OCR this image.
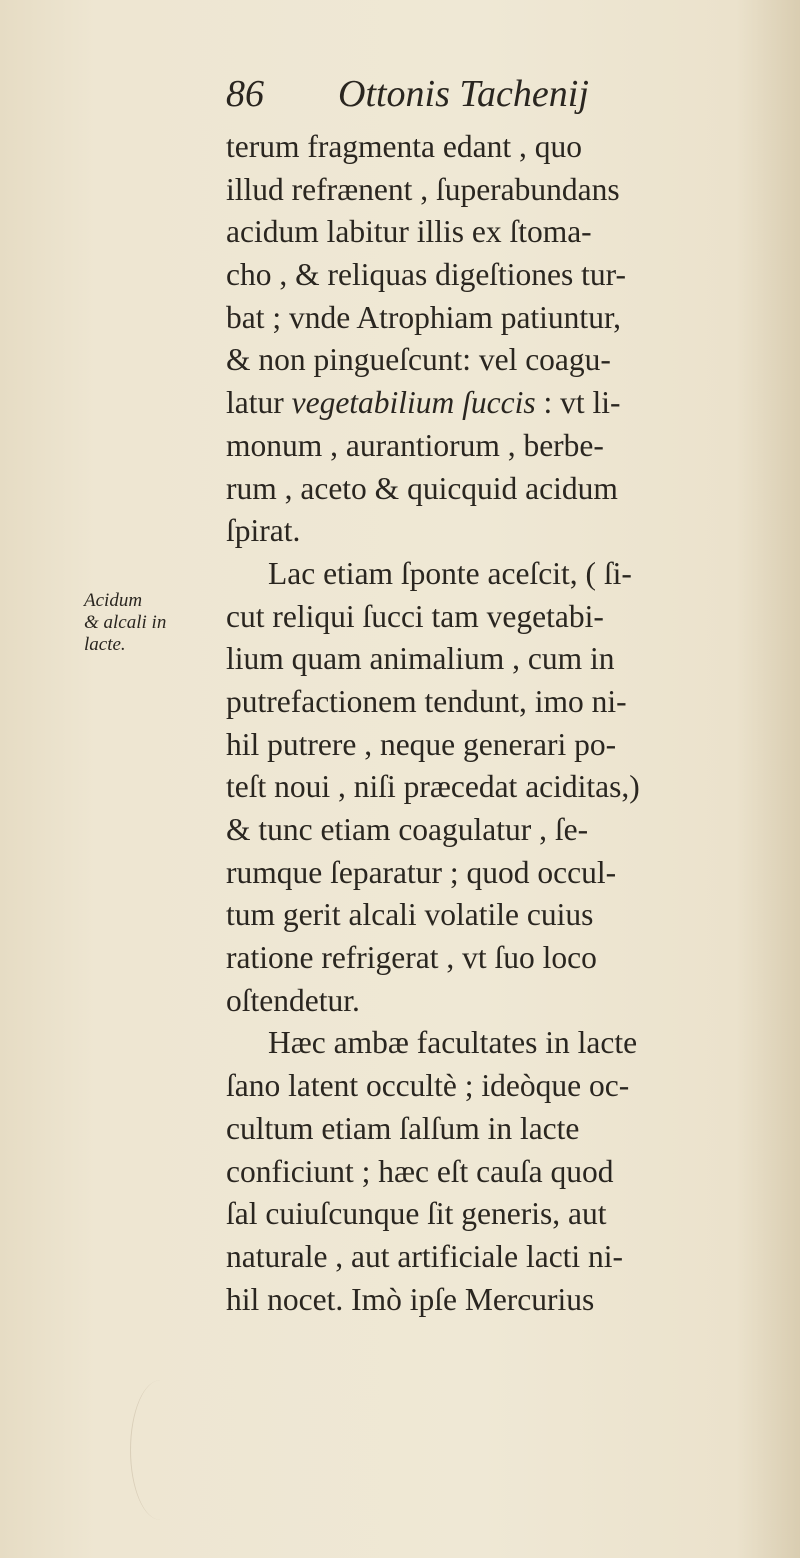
86 Ottonis Tachenij
Acidum
& alcali in
lacte.
terum fragmenta edant , quo
illud refrænent , ſuperabundans
acidum labitur illis ex ſtoma-
cho , & reliquas digeſtiones tur-
bat ; vnde Atrophiam patiuntur,
& non pingueſcunt: vel coagu-
latur vegetabilium ſuccis : vt li-
monum , aurantiorum , berbe-
rum , aceto & quicquid acidum
ſpirat.
Lac etiam ſponte aceſcit, ( ſi-
cut reliqui ſucci tam vegetabi-
lium quam animalium , cum in
putrefactionem tendunt, imo ni-
hil putrere , neque generari po-
teſt noui , niſi præcedat aciditas,)
& tunc etiam coagulatur , ſe-
rumque ſeparatur ; quod occul-
tum gerit alcali volatile cuius
ratione refrigerat , vt ſuo loco
oſtendetur.
Hæc ambæ facultates in lacte
ſano latent occultè ; ideòque oc-
cultum etiam ſalſum in lacte
conficiunt ; hæc eſt cauſa quod
ſal cuiuſcunque ſit generis, aut
naturale , aut artificiale lacti ni-
hil nocet. Imò ipſe Mercurius
